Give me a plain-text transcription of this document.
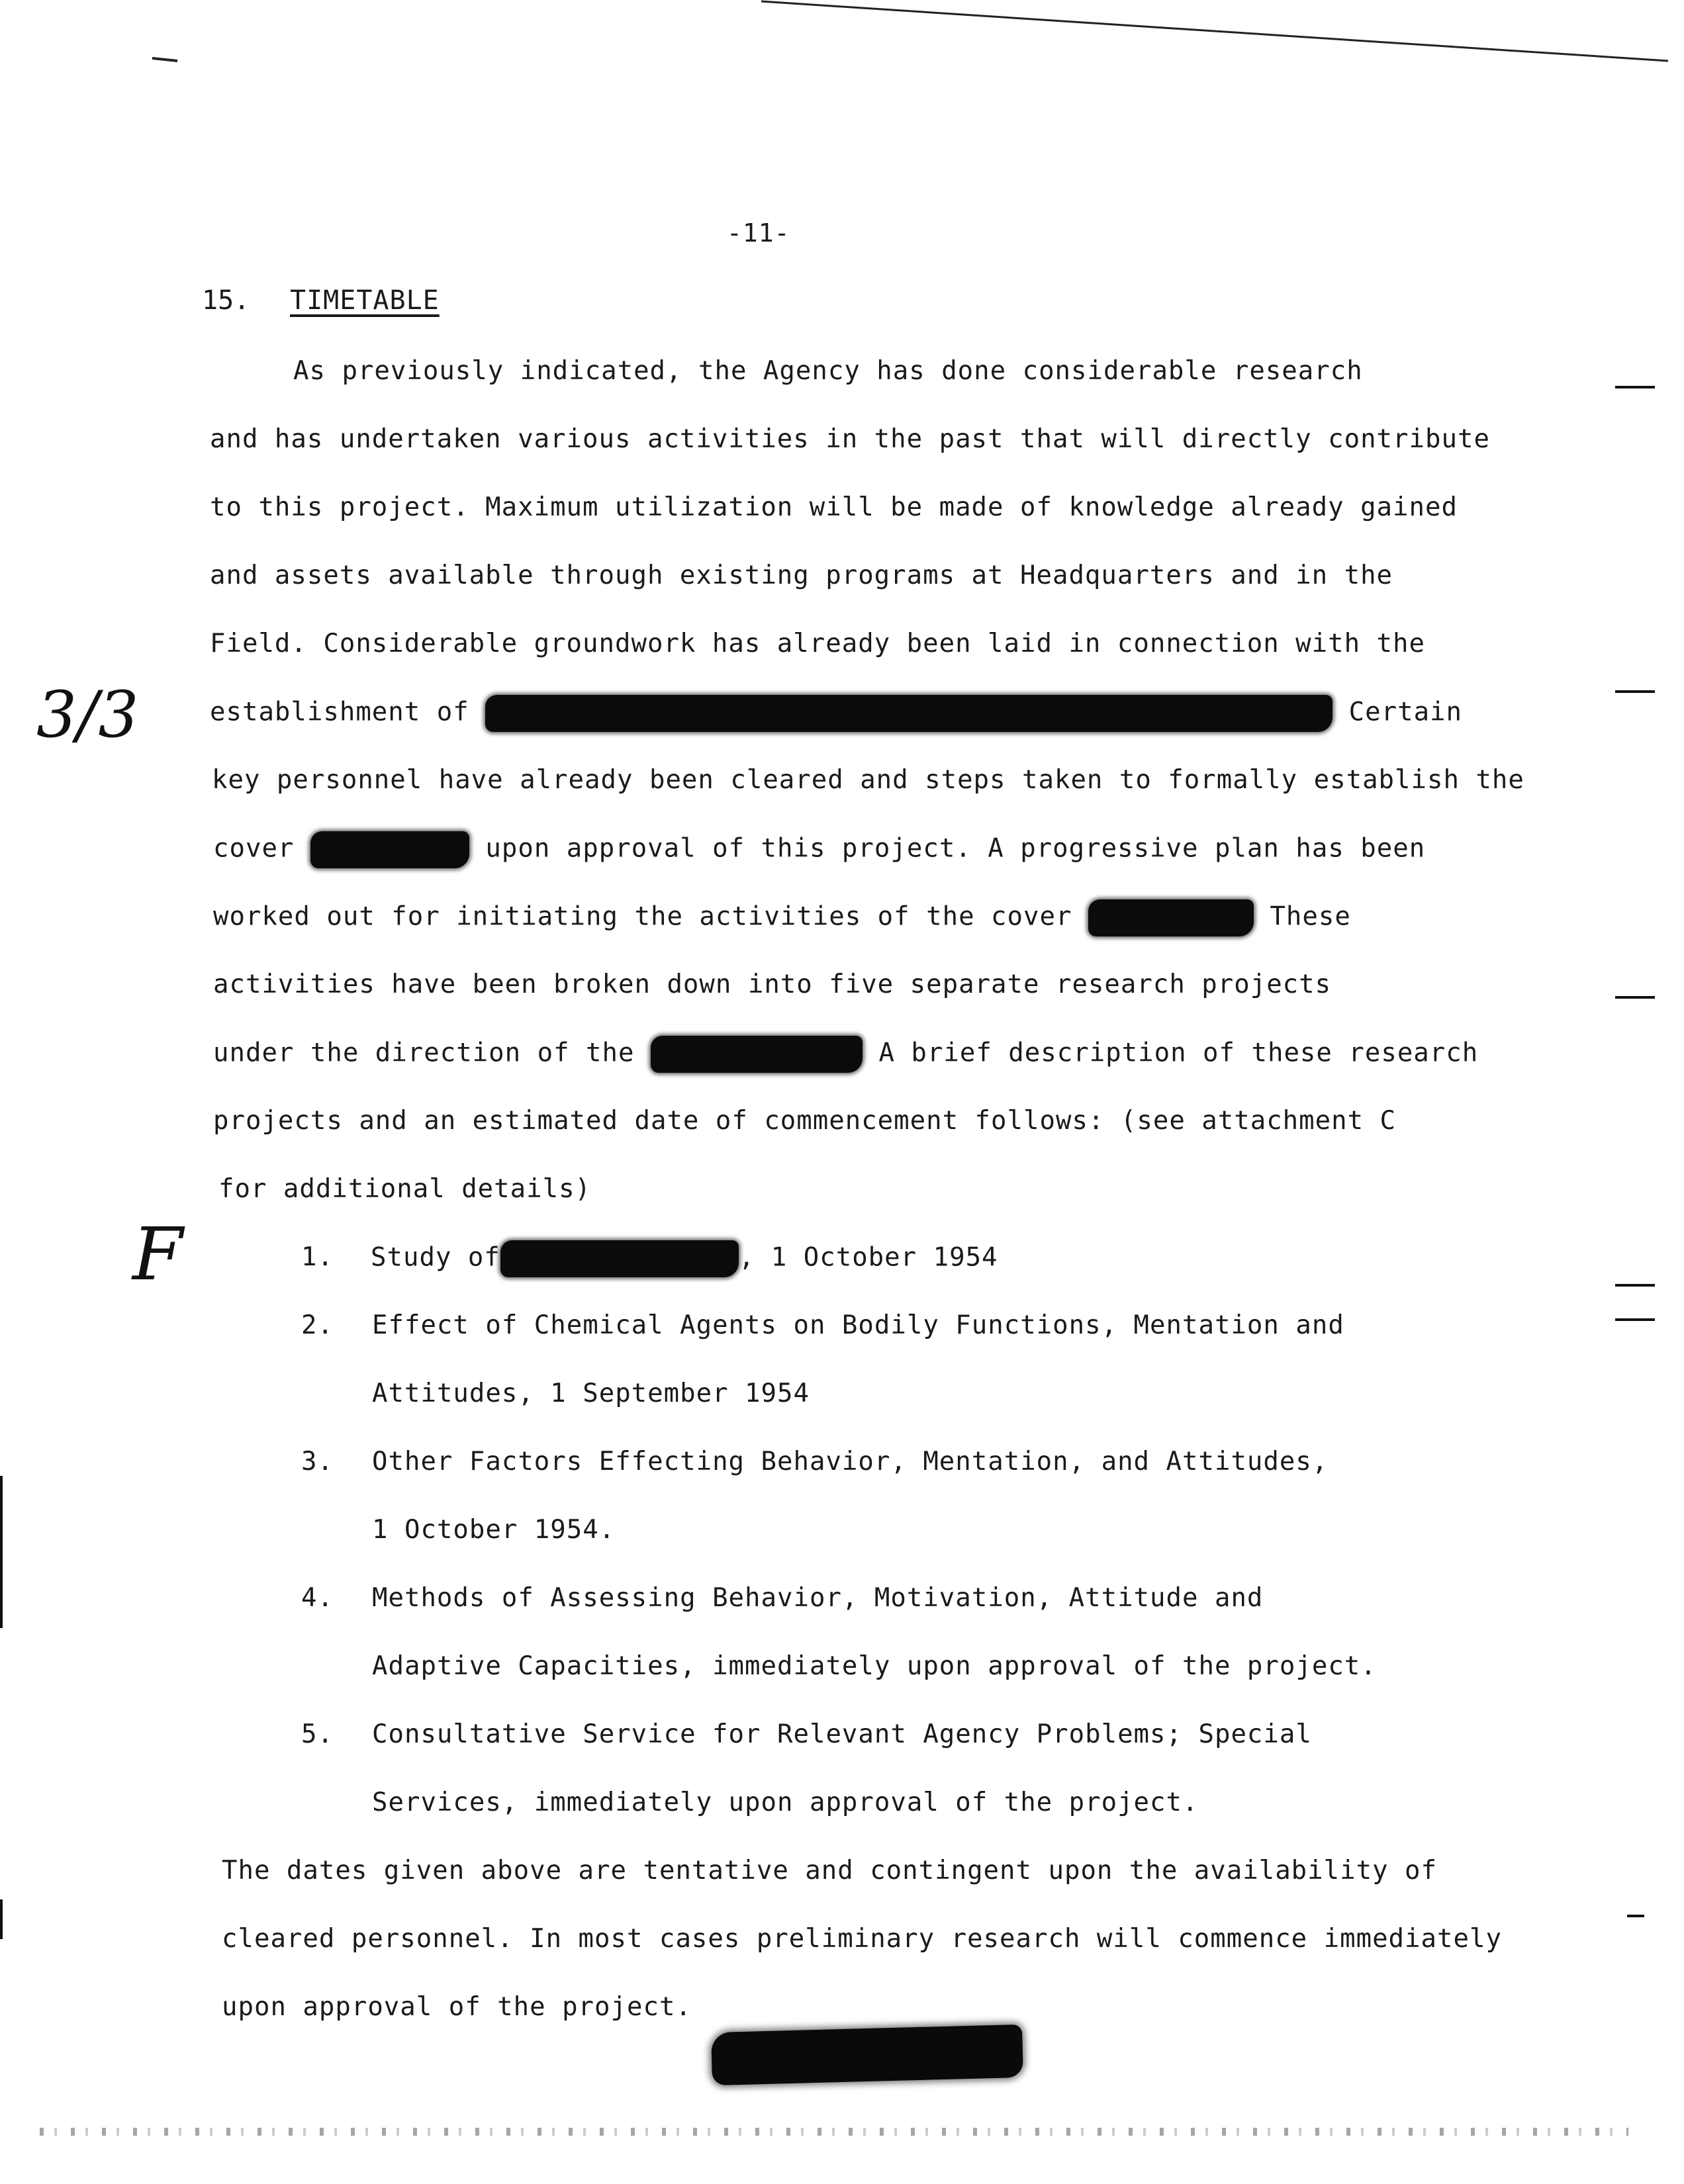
3/3
F
-11-
15. TIMETABLE
As previously indicated, the Agency has done considerable research
and has undertaken various activities in the past that will directly contribute
to this project. Maximum utilization will be made of knowledge already gained
and assets available through existing programs at Headquarters and in the
Field. Considerable groundwork has already been laid in connection with the
establishment of	Certain
key personnel have already been cleared and steps taken to formally establish the
cover	upon approval of this project. A progressive plan has been
worked out for initiating the activities of the cover	These
activities have been broken down into five separate research projects
under the direction of the	A brief description of these research
projects and an estimated date of commencement follows: (see attachment C
for additional details)
1. Study of	, 1 October 1954
2. Effect of Chemical Agents on Bodily Functions, Mentation and
Attitudes, 1 September 1954
3. Other Factors Effecting Behavior, Mentation, and Attitudes,
1 October 1954.
4. Methods of Assessing Behavior, Motivation, Attitude and
Adaptive Capacities, immediately upon approval of the project.
5. Consultative Service for Relevant Agency Problems; Special
Services, immediately upon approval of the project.
The dates given above are tentative and contingent upon the availability of
cleared personnel. In most cases preliminary research will commence immediately
upon approval of the project.
